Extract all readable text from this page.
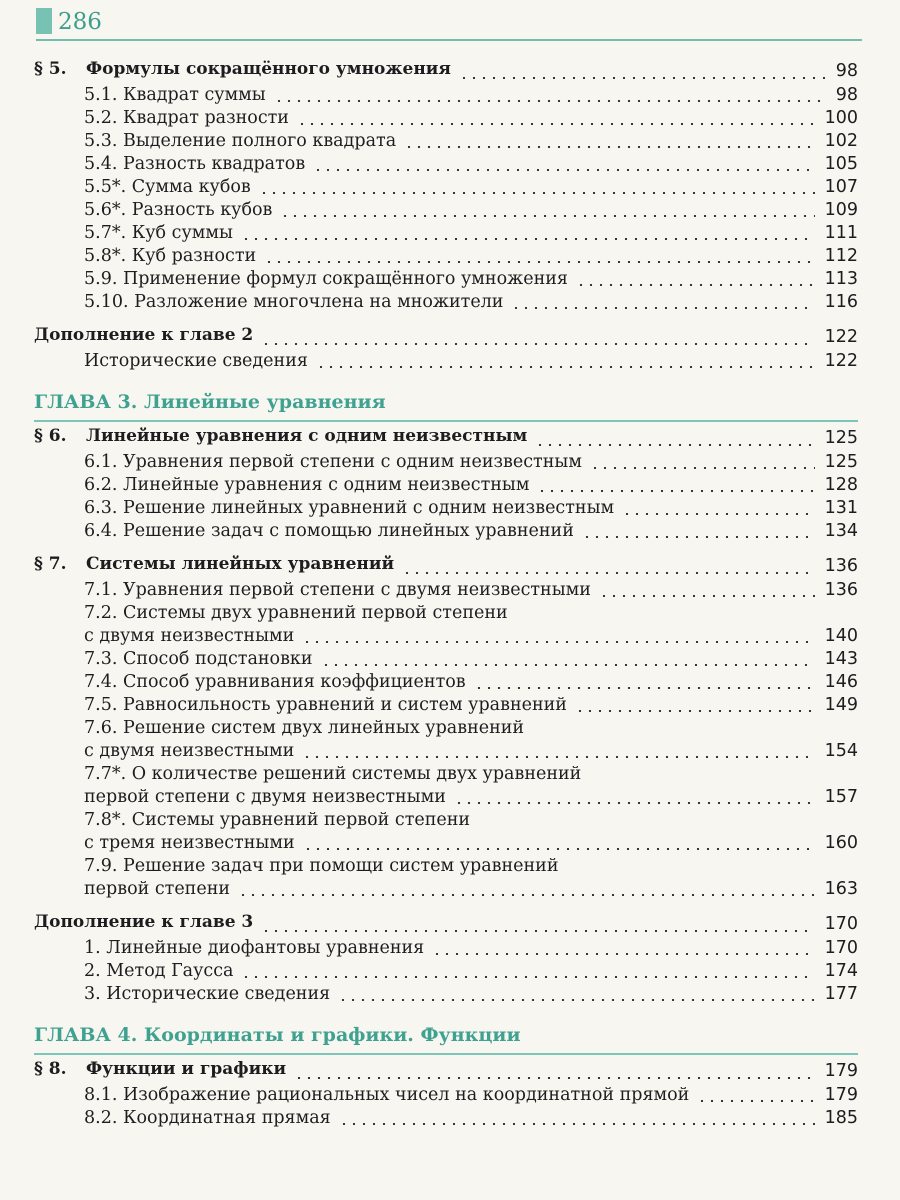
286
§ 5. Формулы сокращённого умножения	98
5.1. Квадрат суммы	98
5.2. Квадрат разности	100
5.3. Выделение полного квадрата	102
5.4. Разность квадратов	105
5.5*. Сумма кубов	107
5.6*. Разность кубов	109
5.7*. Куб суммы	111
5.8*. Куб разности	112
5.9. Применение формул сокращённого умножения	113
5.10. Разложение многочлена на множители	116
Дополнение к главе 2	122
Исторические сведения	122
ГЛАВА 3. Линейные уравнения
§ 6. Линейные уравнения с одним неизвестным	125
6.1. Уравнения первой степени с одним неизвестным	125
6.2. Линейные уравнения с одним неизвестным	128
6.3. Решение линейных уравнений с одним неизвестным	131
6.4. Решение задач с помощью линейных уравнений	134
§ 7. Системы линейных уравнений	136
7.1. Уравнения первой степени с двумя неизвестными	136
7.2. Системы двух уравнений первой степени
с двумя неизвестными	140
7.3. Способ подстановки	143
7.4. Способ уравнивания коэффициентов	146
7.5. Равносильность уравнений и систем уравнений	149
7.6. Решение систем двух линейных уравнений
с двумя неизвестными	154
7.7*. О количестве решений системы двух уравнений
первой степени с двумя неизвестными	157
7.8*. Системы уравнений первой степени
с тремя неизвестными	160
7.9. Решение задач при помощи систем уравнений
первой степени	163
Дополнение к главе 3	170
1. Линейные диофантовы уравнения	170
2. Метод Гаусса	174
3. Исторические сведения	177
ГЛАВА 4. Координаты и графики. Функции
§ 8. Функции и графики	179
8.1. Изображение рациональных чисел на координатной прямой	179
8.2. Координатная прямая	185
